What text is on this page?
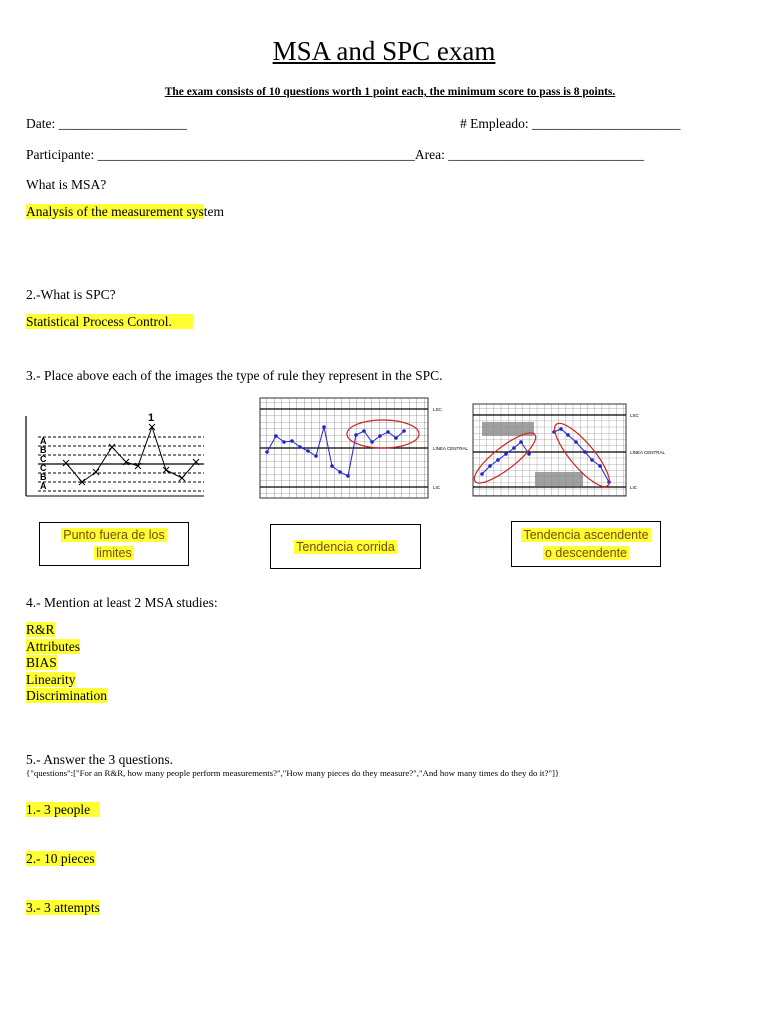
MSA and SPC exam
The exam consists of 10 questions worth 1 point each, the minimum score to pass is 8 points.
Date: ___________________	# Empleado: ______________________
Participante: _______________________________________________Area: _____________________________
What is MSA?
Analysis of the measurement system
2.-What is SPC?
Statistical Process Control.
3.- Place above each of the images the type of rule they represent in the SPC.
A
B
C
C
B
A
1
LSC
LÍNEA CENTRAL
LIC
LSC
LÍNEA CENTRAL
LIC
Punto fuera de los
limites	Tendencia corrida
Tendencia ascendente
o descendente
4.- Mention at least 2 MSA studies:
R&R
Attributes
BIAS
Linearity
Discrimination
5.- Answer the 3 questions.
{"questions":["For an R&R, how many people perform measurements?","How many pieces do they measure?","And how many times do they do it?"]}
1.- 3 people
2.- 10 pieces
3.- 3 attempts
